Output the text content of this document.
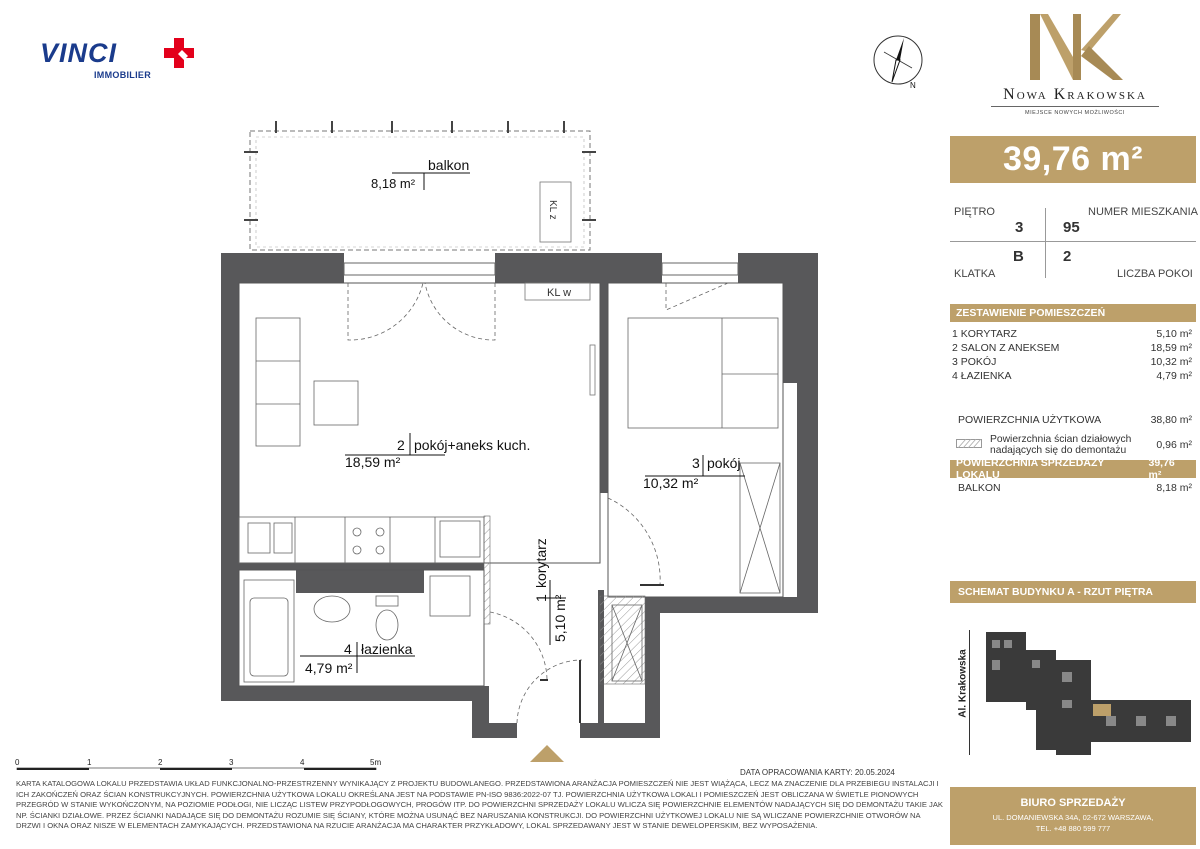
VINCI
IMMOBILIER
N
Nowa Krakowska
MIEJSCE NOWYCH MOŻLIWOŚCI
39,76 m²
PIĘTRO	NUMER MIESZKANIA
3	95
B	2
KLATKA	LICZBA POKOI
ZESTAWIENIE POMIESZCZEŃ
1 KORYTARZ	5,10 m²
2 SALON Z ANEKSEM	18,59 m²
3 POKÓJ	10,32 m²
4 ŁAZIENKA	4,79 m²
POWIERZCHNIA UŻYTKOWA	38,80 m²
Powierzchnia ścian działowych nadających się do demontażu	0,96 m²
POWIERZCHNIA SPRZEDAŻY LOKALU
39,76 m²
BALKON	8,18 m²
SCHEMAT BUDYNKU A - RZUT PIĘTRA
Al. Krakowska
BIURO SPRZEDAŻY
UL. DOMANIEWSKA 34A, 02-672 WARSZAWA,
TEL. +48 880 599 777
KL z
balkon
8,18 m²
KL w
2 pokój+aneks kuch.
18,59 m²	3 pokój
10,32 m²
1
korytarz
5,10 m²
4 łazienka
4,79 m²
0	1	2	3	4	5m
DATA OPRACOWANIA KARTY: 20.05.2024
KARTA KATALOGOWA LOKALU PRZEDSTAWIA UKŁAD FUNKCJONALNO-PRZESTRZENNY WYNIKAJĄCY Z PROJEKTU BUDOWLANEGO. PRZEDSTAWIONA ARANŻACJA POMIESZCZEŃ NIE JEST WIĄŻĄCA, LECZ MA ZNACZENIE DLA PRZEBIEGU INSTALACJI I ICH ZAKOŃCZEŃ ORAZ ŚCIAN KONSTRUKCYJNYCH. POWIERZCHNIA UŻYTKOWA LOKALU OKREŚLANA JEST NA PODSTAWIE PN-ISO 9836:2022-07 TJ. POWIERZCHNIA UŻYTKOWA LOKALI I POMIESZCZEŃ JEST OBLICZANA W ŚWIETLE PIONOWYCH PRZEGRÓD W STANIE WYKOŃCZONYM, NA POZIOMIE PODŁOGI, NIE LICZĄC LISTEW PRZYPODŁOGOWYCH, PROGÓW ITP. DO POWIERZCHNI SPRZEDAŻY LOKALU WLICZA SIĘ POWIERZCHNIE ELEMENTÓW NADAJĄCYCH SIĘ DO DEMONTAŻU TAKIE JAK NP. ŚCIANKI DZIAŁOWE. PRZEZ ŚCIANKI NADAJĄCE SIĘ DO DEMONTAŻU ROZUMIE SIĘ ŚCIANY, KTÓRE MOŻNA USUNĄĆ BEZ NARUSZANIA KONSTRUKCJI. DO POWIERZCHNI UŻYTKOWEJ LOKALU NIE SĄ WLICZANE POWIERZCHNIE OTWORÓW NA DRZWI I OKNA ORAZ NISZE W ELEMENTACH ZAMYKAJĄCYCH. PRZEDSTAWIONA NA RZUCIE ARANŻACJA MA CHARAKTER PRZYKŁADOWY, LOKAL SPRZEDAWANY JEST W STANIE DEWELOPERSKIM, BEZ WYPOSAŻENIA.
